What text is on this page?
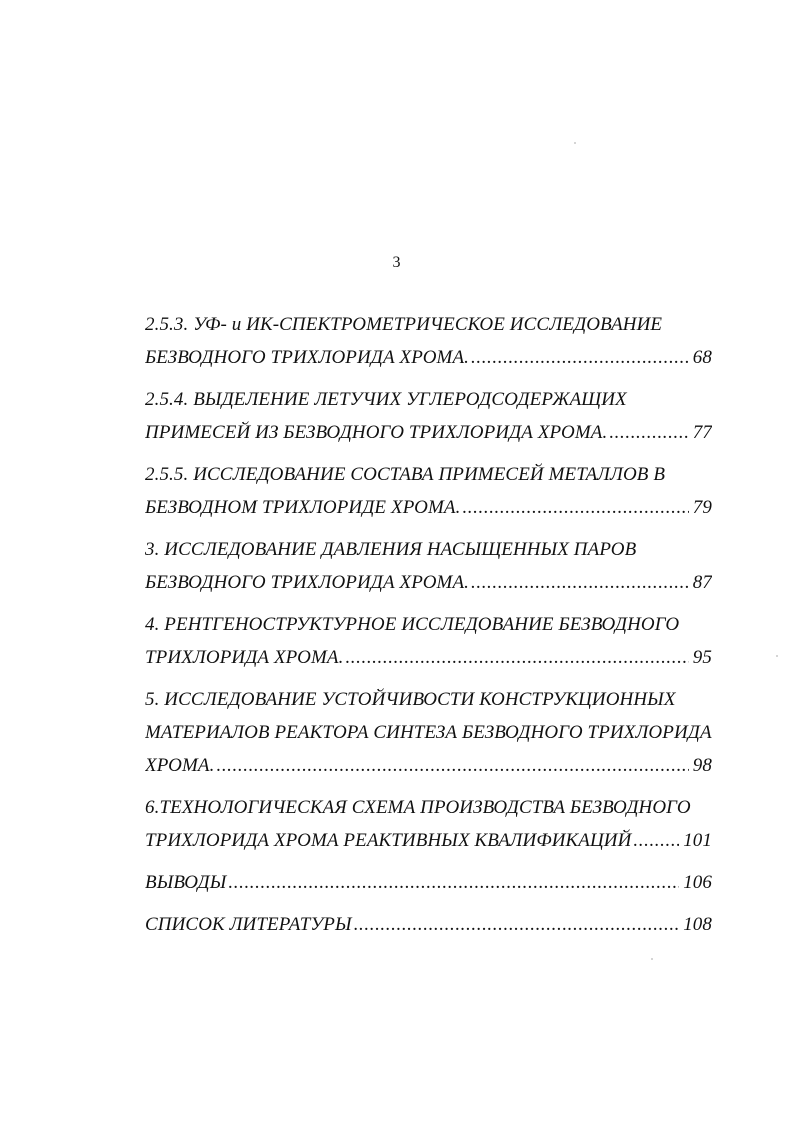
3
2.5.3. УФ- и ИК-СПЕКТРОМЕТРИЧЕСКОЕ ИССЛЕДОВАНИЕ
БЕЗВОДНОГО ТРИХЛОРИДА ХРОМА. .....	68
2.5.4. ВЫДЕЛЕНИЕ ЛЕТУЧИХ УГЛЕРОДСОДЕРЖАЩИХ
ПРИМЕСЕЙ ИЗ БЕЗВОДНОГО ТРИХЛОРИДА ХРОМА. .....	77
2.5.5. ИССЛЕДОВАНИЕ СОСТАВА ПРИМЕСЕЙ МЕТАЛЛОВ В
БЕЗВОДНОМ ТРИХЛОРИДЕ ХРОМА. .....	79
3. ИССЛЕДОВАНИЕ ДАВЛЕНИЯ НАСЫЩЕННЫХ ПАРОВ
БЕЗВОДНОГО ТРИХЛОРИДА ХРОМА. .....	87
4. РЕНТГЕНОСТРУКТУРНОЕ ИССЛЕДОВАНИЕ БЕЗВОДНОГО
ТРИХЛОРИДА ХРОМА. .....	95
5. ИССЛЕДОВАНИЕ УСТОЙЧИВОСТИ КОНСТРУКЦИОННЫХ
МАТЕРИАЛОВ РЕАКТОРА СИНТЕЗА БЕЗВОДНОГО ТРИХЛОРИДА
ХРОМА. .....	98
6.ТЕХНОЛОГИЧЕСКАЯ СХЕМА ПРОИЗВОДСТВА БЕЗВОДНОГО
ТРИХЛОРИДА ХРОМА РЕАКТИВНЫХ КВАЛИФИКАЦИЙ .....	101
ВЫВОДЫ .....	106
СПИСОК ЛИТЕРАТУРЫ .....	108
